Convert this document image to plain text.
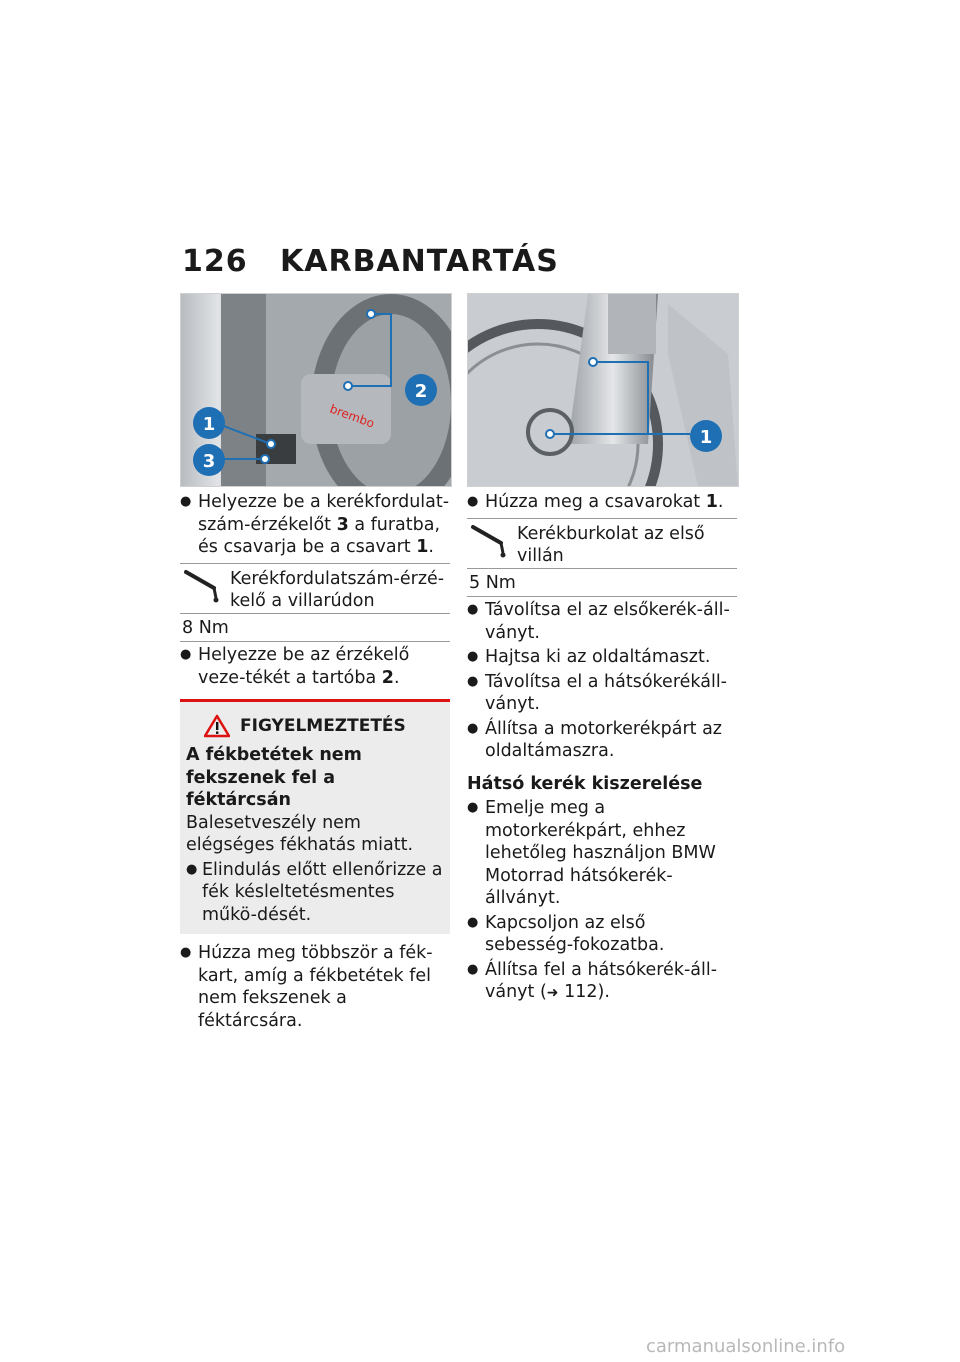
126 KARBANTARTÁS
brembo
2
1
3
● Helyezze be a kerékfordulat-szám-érzékelőt 3 a furatba, és csavarja be a csavart 1.
Kerékfordulatszám-érzé-kelő a villarúdon
8 Nm
● Helyezze be az érzékelő veze-tékét a tartóba 2.
FIGYELMEZTETÉS
A fékbetétek nem fekszenek fel a féktárcsán
Balesetveszély nem elégséges fékhatás miatt.
● Elindulás előtt ellenőrizze a fék késleltetésmentes műkö-dését.
● Húzza meg többször a fék-kart, amíg a fékbetétek fel nem fekszenek a féktárcsára.
1
● Húzza meg a csavarokat 1.
Kerékburkolat az első villán
5 Nm
● Távolítsa el az elsőkerék-áll-ványt.
● Hajtsa ki az oldaltámaszt.
● Távolítsa el a hátsókerékáll-ványt.
● Állítsa a motorkerékpárt az oldaltámaszra.
Hátsó kerék kiszerelése
● Emelje meg a motorkerékpárt, ehhez lehetőleg használjon BMW Motorrad hátsókerék-állványt.
● Kapcsoljon az első sebesség-fokozatba.
● Állítsa fel a hátsókerék-áll-ványt (➜ 112).
carmanualsonline.info
